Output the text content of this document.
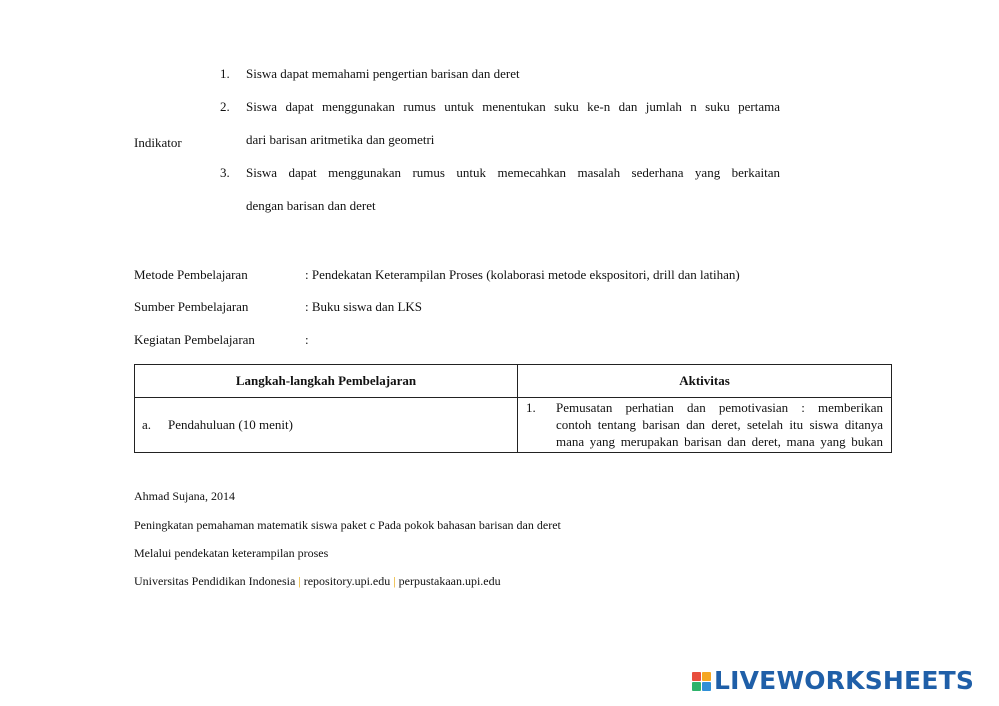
Indikator
1. Siswa dapat memahami pengertian barisan dan deret
2. Siswa dapat menggunakan rumus untuk menentukan suku ke-n dan jumlah n suku pertama
dari barisan aritmetika dan geometri
3. Siswa dapat menggunakan rumus untuk memecahkan masalah sederhana yang berkaitan
dengan barisan dan deret
Metode Pembelajaran	: Pendekatan Keterampilan Proses (kolaborasi metode ekspositori, drill dan latihan)
Sumber Pembelajaran	: Buku siswa dan LKS
Kegiatan Pembelajaran	:
Langkah-langkah Pembelajaran	Aktivitas
a. Pendahuluan (10 menit)	1. Pemusatan perhatian dan pemotivasian : memberikan
contoh tentang barisan dan deret, setelah itu siswa ditanya
mana yang merupakan barisan dan deret, mana yang bukan
Ahmad Sujana, 2014
Peningkatan pemahaman matematik siswa paket c Pada pokok bahasan barisan dan deret
Melalui pendekatan keterampilan proses
Universitas Pendidikan Indonesia | repository.upi.edu | perpustakaan.upi.edu
LIVEWORKSHEETS
